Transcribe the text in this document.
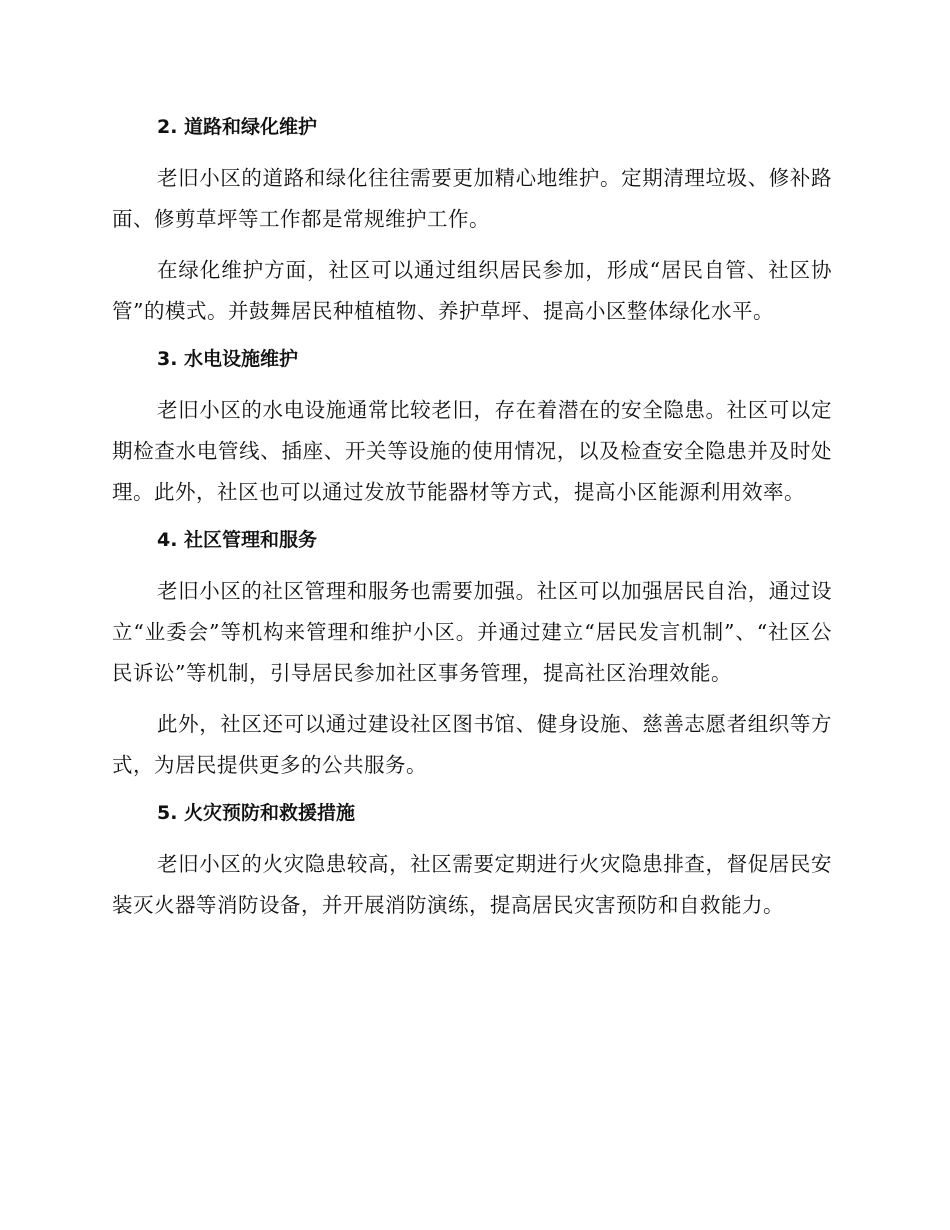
2. 道路和绿化维护

老旧小区的道路和绿化往往需要更加精心地维护。定期清理垃圾、修补路面、修剪草坪等工作都是常规维护工作。

在绿化维护方面，社区可以通过组织居民参加，形成“居民自管、社区协管”的模式。并鼓舞居民种植植物、养护草坪、提高小区整体绿化水平。

3. 水电设施维护

老旧小区的水电设施通常比较老旧，存在着潜在的安全隐患。社区可以定期检查水电管线、插座、开关等设施的使用情况，以及检查安全隐患并及时处理。此外，社区也可以通过发放节能器材等方式，提高小区能源利用效率。

4. 社区管理和服务

老旧小区的社区管理和服务也需要加强。社区可以加强居民自治，通过设立“业委会”等机构来管理和维护小区。并通过建立“居民发言机制”、“社区公民诉讼”等机制，引导居民参加社区事务管理，提高社区治理效能。

此外，社区还可以通过建设社区图书馆、健身设施、慈善志愿者组织等方式，为居民提供更多的公共服务。

5. 火灾预防和救援措施

老旧小区的火灾隐患较高，社区需要定期进行火灾隐患排查，督促居民安装灭火器等消防设备，并开展消防演练，提高居民灾害预防和自救能力。
